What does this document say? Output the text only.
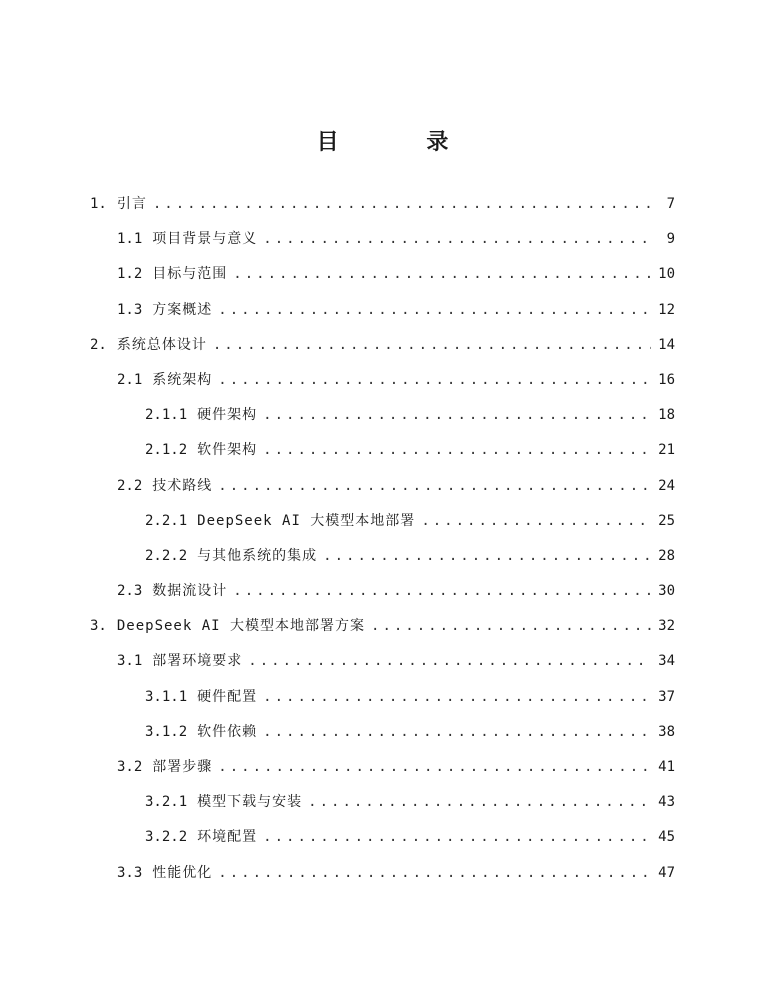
目 录
1. 引言 .....	7
1.1 项目背景与意义 .....	9
1.2 目标与范围 .....	10
1.3 方案概述 .....	12
2. 系统总体设计 .....	14
2.1 系统架构 .....	16
2.1.1 硬件架构 .....	18
2.1.2 软件架构 .....	21
2.2 技术路线 .....	24
2.2.1 DeepSeek AI 大模型本地部署 .....	25
2.2.2 与其他系统的集成 .....	28
2.3 数据流设计 .....	30
3. DeepSeek AI 大模型本地部署方案 .....	32
3.1 部署环境要求 .....	34
3.1.1 硬件配置 .....	37
3.1.2 软件依赖 .....	38
3.2 部署步骤 .....	41
3.2.1 模型下载与安装 .....	43
3.2.2 环境配置 .....	45
3.3 性能优化 .....	47
